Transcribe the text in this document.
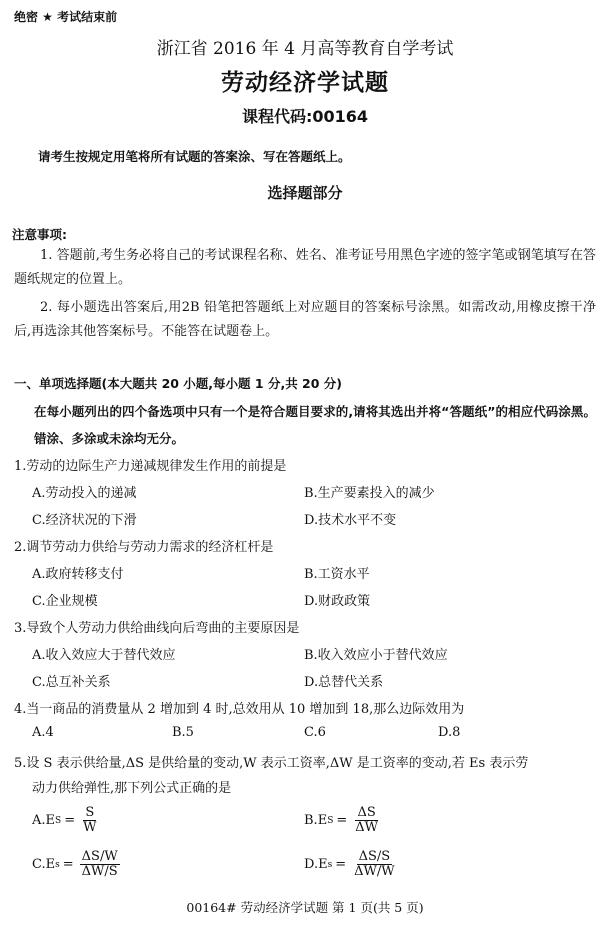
绝密 ★ 考试结束前
浙江省 2016 年 4 月高等教育自学考试
劳动经济学试题
课程代码:00164
请考生按规定用笔将所有试题的答案涂、写在答题纸上。
选择题部分
注意事项:
1. 答题前,考生务必将自己的考试课程名称、姓名、准考证号用黑色字迹的签字笔或钢笔填写在答题纸规定的位置上。
2. 每小题选出答案后,用2B 铅笔把答题纸上对应题目的答案标号涂黑。如需改动,用橡皮擦干净后,再选涂其他答案标号。不能答在试题卷上。
一、单项选择题(本大题共 20 小题,每小题 1 分,共 20 分)
在每小题列出的四个备选项中只有一个是符合题目要求的,请将其选出并将“答题纸”的相应代码涂黑。错涂、多涂或未涂均无分。
1.劳动的边际生产力递减规律发生作用的前提是
A.劳动投入的递减	B.生产要素投入的减少
C.经济状况的下滑	D.技术水平不变
2.调节劳动力供给与劳动力需求的经济杠杆是
A.政府转移支付	B.工资水平
C.企业规模	D.财政政策
3.导致个人劳动力供给曲线向后弯曲的主要原因是
A.收入效应大于替代效应	B.收入效应小于替代效应
C.总互补关系	D.总替代关系
4.当一商品的消费量从 2 增加到 4 时,总效用从 10 增加到 18,那么边际效用为
A.4	B.5	C.6	D.8
5.设 S 表示供给量,ΔS 是供给量的变动,W 表示工资率,ΔW 是工资率的变动,若 Es 表示劳
动力供给弹性,那下列公式正确的是
A. E $S = \frac{S}{W}$	B. E $S = \frac{\Delta S}{\Delta W}$
C. E $s = \frac{\Delta S/W}{\Delta W/S}$	D. E $s = \frac{\Delta S/S}{\Delta W/W}$
00164# 劳动经济学试题 第 1 页(共 5 页)
